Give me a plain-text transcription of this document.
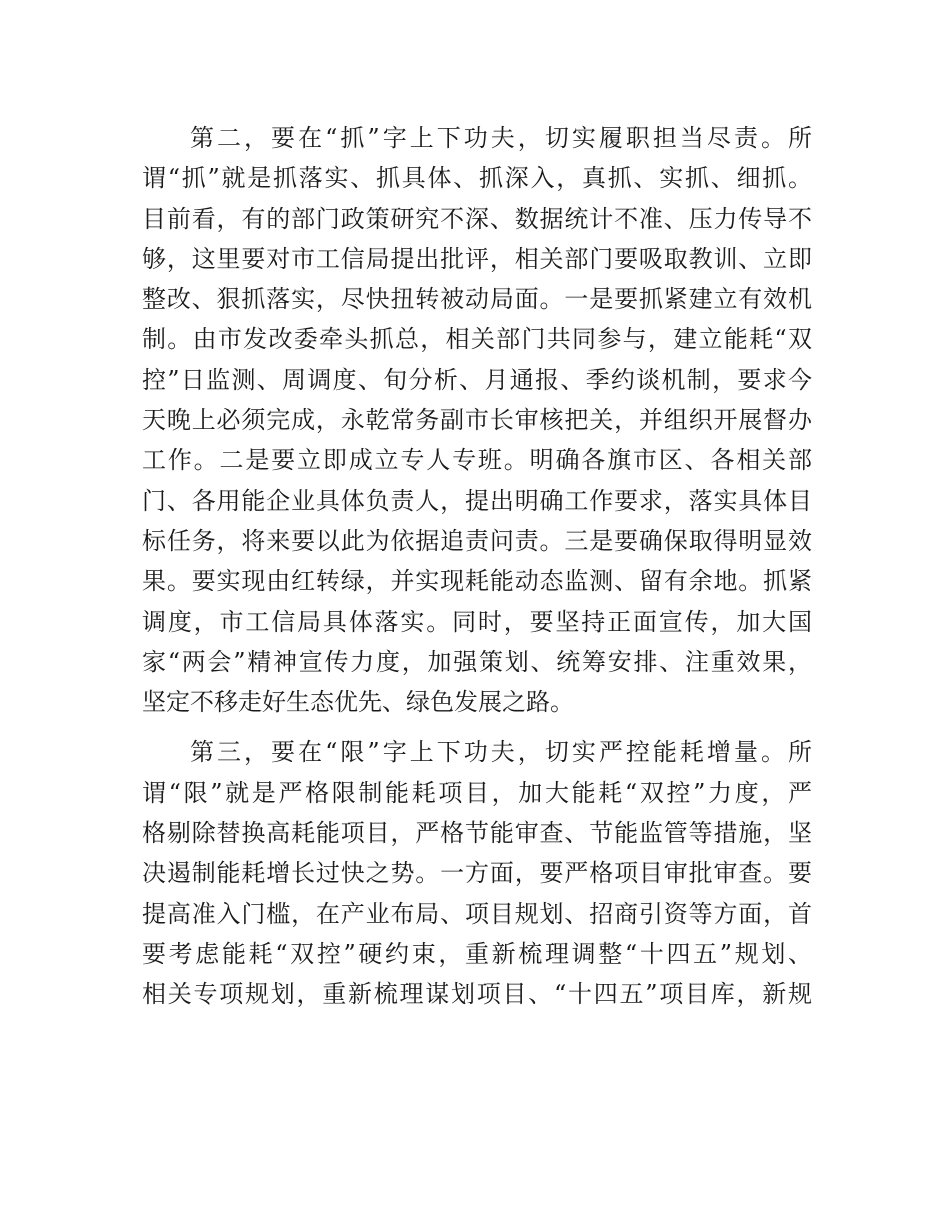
第二，要在“抓”字上下功夫，切实履职担当尽责。所
谓“抓”就是抓落实、抓具体、抓深入，真抓、实抓、细抓。
目前看，有的部门政策研究不深、数据统计不准、压力传导不
够，这里要对市工信局提出批评，相关部门要吸取教训、立即
整改、狠抓落实，尽快扭转被动局面。一是要抓紧建立有效机
制。由市发改委牵头抓总，相关部门共同参与，建立能耗“双
控”日监测、周调度、旬分析、月通报、季约谈机制，要求今
天晚上必须完成，永乾常务副市长审核把关，并组织开展督办
工作。二是要立即成立专人专班。明确各旗市区、各相关部
门、各用能企业具体负责人，提出明确工作要求，落实具体目
标任务，将来要以此为依据追责问责。三是要确保取得明显效
果。要实现由红转绿，并实现耗能动态监测、留有余地。抓紧
调度，市工信局具体落实。同时，要坚持正面宣传，加大国
家“两会”精神宣传力度，加强策划、统筹安排、注重效果，
坚定不移走好生态优先、绿色发展之路。
第三，要在“限”字上下功夫，切实严控能耗增量。所
谓“限”就是严格限制能耗项目，加大能耗“双控”力度，严
格剔除替换高耗能项目，严格节能审查、节能监管等措施，坚
决遏制能耗增长过快之势。一方面，要严格项目审批审查。要
提高准入门槛，在产业布局、项目规划、招商引资等方面，首
要考虑能耗“双控”硬约束，重新梳理调整“十四五”规划、
相关专项规划，重新梳理谋划项目、“十四五”项目库，新规
